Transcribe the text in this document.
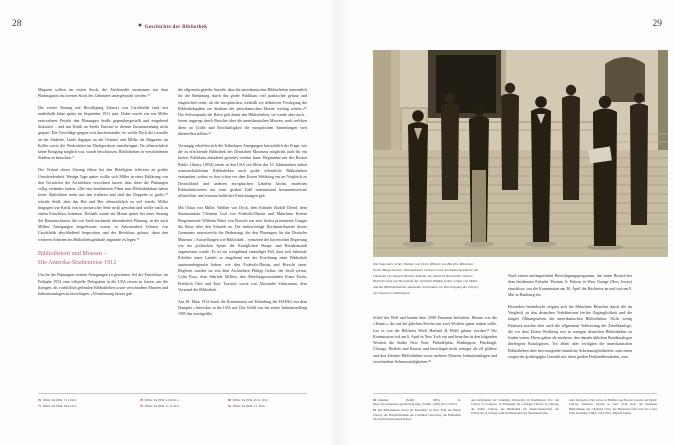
28	Geschichte der Bibliothek	29

Magazin sollten im ersten Stock, die Zeichensäle zusammen mit dem Planmagazin im zweiten Stock des Gebäudes untergebracht werden.⁷⁶

Die zweite Sitzung mit Bewilligung Schnorr von Carolsfelds fand erst anderthalb Jahre später im September 1911 statt. Dabei wurde ein von Miller entworfenes Projekt den Planungen Seidls gegenübergestellt und eingehend diskutiert – und mit Kritik an Seidls Entwurf in diesem Zusammenhang nicht gespart. Die Vorschläge gingen weit durcheinander: So wollte Dyck die Lesesäle an der Südseite, Linde dagegen an der Ostseite und Miller die Magazine im Keller sowie die Werkstätten im Dachgeschoss unterbringen. Da offensichtlich keine Einigung möglich war, wurde beschlossen, Bibliotheken in verschiedenen Städten zu besuchen.⁷⁷

Der Verlauf dieser Sitzung führte bei den Beteiligten teilweise zu großer Unzufriedenheit. Wenige Tage später wollte sich Miller in einer Erklärung von den Vorwürfen der Architekten verwahren lassen, dass diese die Planungen völlig verändert hätten: »Die neu bearbeiteten Pläne zum Bibliotheksbau haben keine Ähnlichkeit mehr mit den früheren und sind das Doppelte so groß«,⁷⁸ schrieb Seidl, dem das Hin und Her offensichtlich zu viel wurde. Miller hingegen war Kritik von so prosaischer Seite nicht gewohnt und wollte rasch zu einem Entschluss kommen. Deshalb wurde ein Monat später bei einer Sitzung des Bauausschusses die von Seidl nochmals überarbeitete Planung, in die auch Millers Anregungen eingeflossen waren, in Anwesenheit Schnorr von Carolsfelds abschließend besprochen und der Beschluss gefasst, diese den weiteren Arbeiten am Bibliotheksgebäude zugrunde zu legen.⁷⁹

Bibliotheken und Museen –
Die Amerika-Studienreise 1912

Um für die Planungen weitere Anregungen zu gewinnen, fiel der Entschluss, im Frühjahr 1912 eine offizielle Delegation in die USA reisen zu lassen, um die dortigen, als vorbildlich geltenden Bibliotheken sowie verschiedene Museen und Industrieanlagen zu besichtigen: »Veranlassung hierzu gab

die allgemein geteilte Ansicht, dass die amerikanischen Bibliotheken namentlich für die Benützung durch das große Publikum viel praktischer gebaut und eingerichtet seien, als die europäischen, weshalb vor definitiver Festlegung der Bibliothekspläne ein Studium der amerikanischen Muster wichtig schien.«⁸⁰ Der Schwerpunkt der Reise galt damit den Bibliotheken, sie wurde aber auch – ferner angeregt durch Berichte über die amerikanischen Museen, nach welchen diese an Größe und Reichhaltigkeit die europäischen Sammlungen weit übertreffen sollten.⁸¹

Vorrangig erhofften sich die Teilnehmer Anregungen hinsichtlich der Frage, wie die zu errichtende Bibliothek des Deutschen Museums möglichst auch für ein breites Publikum einladend gestaltet werden kann. Beginnend mit der Boston Public Library (1854) waren in den USA seit Mitte des 19. Jahrhunderts neben wissenschaftlichen Bibliotheken auch große öffentliche Bibliotheken entstanden, sodass es dort schon vor dem Ersten Weltkrieg ein im Vergleich zu Deutschland und anderen europäischen Ländern höchst modernes Bibliothekswesen mit einer großen Zahl international bestaunenswerter öffentlicher und wissenschaftlicher Einrichtungen gab.

Mit Oskar von Miller, Walther von Dyck, dem Erfinder Rudolf Diesel, dem Staatsminister Clemens Graf von Podewils-Dürniz und Münchens Erstem Bürgermeister Wilhelm Ritter von Borscht trat eine höchst prominente Gruppe die Reise über den Atlantik an. Die mehrwöchige Nordamerikareise dieses Gremiums unterstreicht die Bedeutung, die den Planungen für das Deutsche Museum – Ausstellungen wie Bibliothek – vonseiten der bayerischen Regierung wie der politischen Spitze der Königlichen Haupt- und Residenzstadt zugemessen wurde. Es ist ein weitgehend einmaliger Fall, dass sich führende Politiker eines Landes so eingehend mit der Errichtung einer Bibliothek auseinandergesetzt haben, wie dies Podewils-Dürniz und Borscht taten. Begleitet wurden sie von dem Architekten Philipp Gelius, der Seidl vertrat, Colin Ross, dem Sekretär Millers, den Abteilungsvorständen Franz Fuchs, Friedrich Orth und Kurt Tuxweis sowie von Alexander Schürmann, dem Vorstand der Bibliothek.

Am 28. März 1912 brach die Kommission auf Einladung der HAPAG mit dem Dampfer »Amerika« in die USA auf. Das Schiff war bei seiner Indienststellung 1905 das zweitgrößte

76 DMA, VA 2959, 7.11.1910.
77 DMA, VA 2959, 29.9.1911.
78 DMA, VA 2959, 2.10.1911.
79 DMA, VA 2959, 11.11.1911.
80 DMA, VA 2959, 29.11.1911.
81 DMA, VA 2959, 2.1.1912.
Von links nach rechts: Walther von Dyck, Wilhelm von Borscht, Münchner Erster Bürgermeister; Staatsminister Clemens Graf von Podewils-Dürniz, der Librarian of Congress Herbert Putnam, der deutsche Botschafter Johann Heinrich Graf von Bernstorff, der Architekt Philipp Gelius, Oskar von Miller und der Bibliotheksleiter Alexander Schürmann vor dem Eingang der Library of Congress in Washington.

Schiff der Welt und konnte über 2500 Personen befördern. Ebenso wie die »Titanic«, die auf der gleichen Strecke nur zwei Wochen später sinken sollte, war es von der Belfaster Werft Harland & Wolff gebaut worden.⁸² Die Kommission traf am 6. April in New York ein und besuchte in den folgenden Wochen die Städte New York, Philadelphia, Washington, Pittsburgh, Chicago, Buffalo und Boston und besichtigte nicht weniger als elf größere und drei kleinere Bibliotheken sowie mehrere Museen, Industrieanlagen und verschiedene Sehenswürdigkeiten.⁸³

Nach einem umfangreichen Besichtigungsprogramm, das einen Besuch bei dem berühmten Erfinder Thomas A. Edison in West Orange (New Jersey) einschloss, trat die Kommission am 30. April die Rückreise an und traf am 9. Mai in Hamburg ein.

Besonders beeindruckt zeigten sich die Münchner Besucher durch die im Vergleich zu den deutschen Verhältnissen leichte Zugänglichkeit und die langen Öffnungszeiten der amerikanischen Bibliotheken. Nicht wenig Eindruck machte aber auch die allgemeine Verbreitung der Zettelkataloge, die vor dem Ersten Weltkrieg erst in wenigen deutschen Bibliotheken zu finden waren. Diese galten als moderne, den damals üblichen Bandkatalogen überlegene Katalogform. Vor allem aber verfügten die amerikanischen Bibliotheken über hervorragende räumliche Arbeitsmöglichkeiten: zum einen wegen der großzügigen Lesesäle mit ihren großen Freihandbeständen, zum

82 Amerika (Schiff, 1905), in: https://de.wikipedia.org/wiki/Amerika_(Schiff,_1905) (02.12.2015).
83 Die Bibliotheken waren im Einzelnen: in New York die Public Library, die Hauptbibliothek der Columbia University, die Bibliothek für Nachrichtenwissenschaften
und Architektur der Columbia University, in Washington, D.C. die Library of Congress, in Pittsburgh die Carnegie Library, in Chicago die Public Library, die Bibliothek für Naturwissenschaft der University of Chicago und die Bibliothek des Studentenwerks
samt Reynolds Club sowie in Buffalo und Boston jeweils die Public Library. Daneben wurden in New York noch die kleineren Bibliotheken des Chemists Club, des Hardware Club und des Lotos Club besichtigt. DMA, VA 5239/1, Bericht Gelius.
